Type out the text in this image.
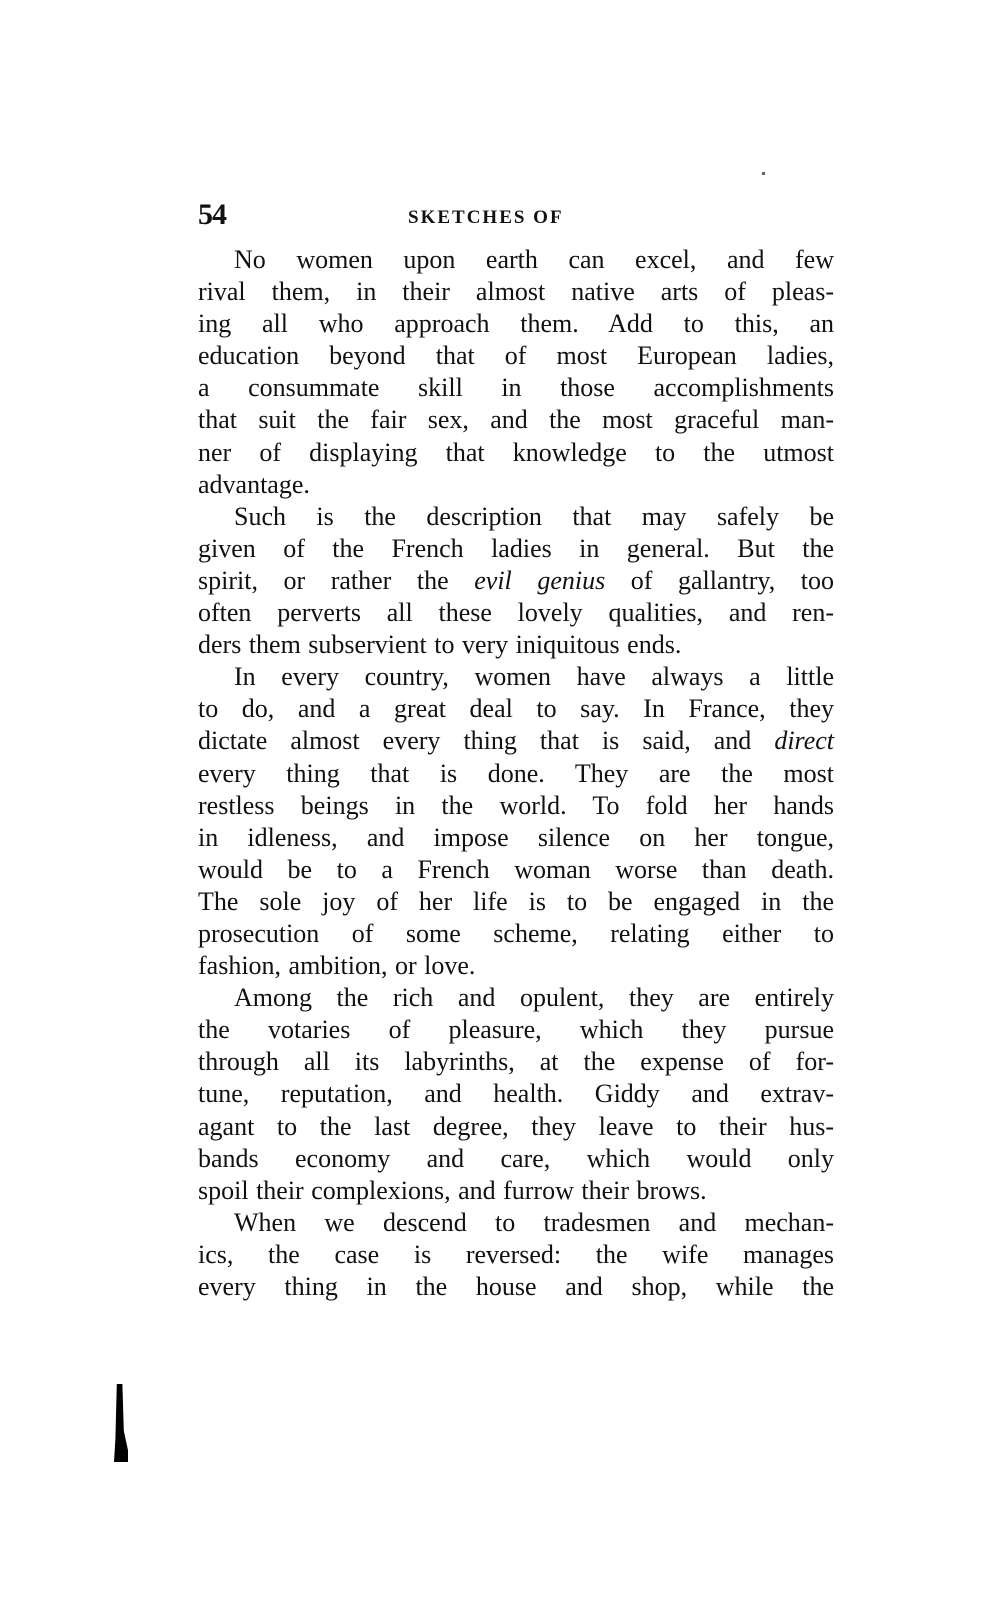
54	SKETCHES OF

No women upon earth can excel, and few
rival them, in their almost native arts of pleas-
ing all who approach them. Add to this, an
education beyond that of most European ladies,
a consummate skill in those accomplishments
that suit the fair sex, and the most graceful man-
ner of displaying that knowledge to the utmost
advantage.

Such is the description that may safely be
given of the French ladies in general. But the
spirit, or rather the evil genius of gallantry, too
often perverts all these lovely qualities, and ren-
ders them subservient to very iniquitous ends.

In every country, women have always a little
to do, and a great deal to say. In France, they
dictate almost every thing that is said, and direct
every thing that is done. They are the most
restless beings in the world. To fold her hands
in idleness, and impose silence on her tongue,
would be to a French woman worse than death.
The sole joy of her life is to be engaged in the
prosecution of some scheme, relating either to
fashion, ambition, or love.

Among the rich and opulent, they are entirely
the votaries of pleasure, which they pursue
through all its labyrinths, at the expense of for-
tune, reputation, and health. Giddy and extrav-
agant to the last degree, they leave to their hus-
bands economy and care, which would only
spoil their complexions, and furrow their brows.

When we descend to tradesmen and mechan-
ics, the case is reversed: the wife manages
every thing in the house and shop, while the
